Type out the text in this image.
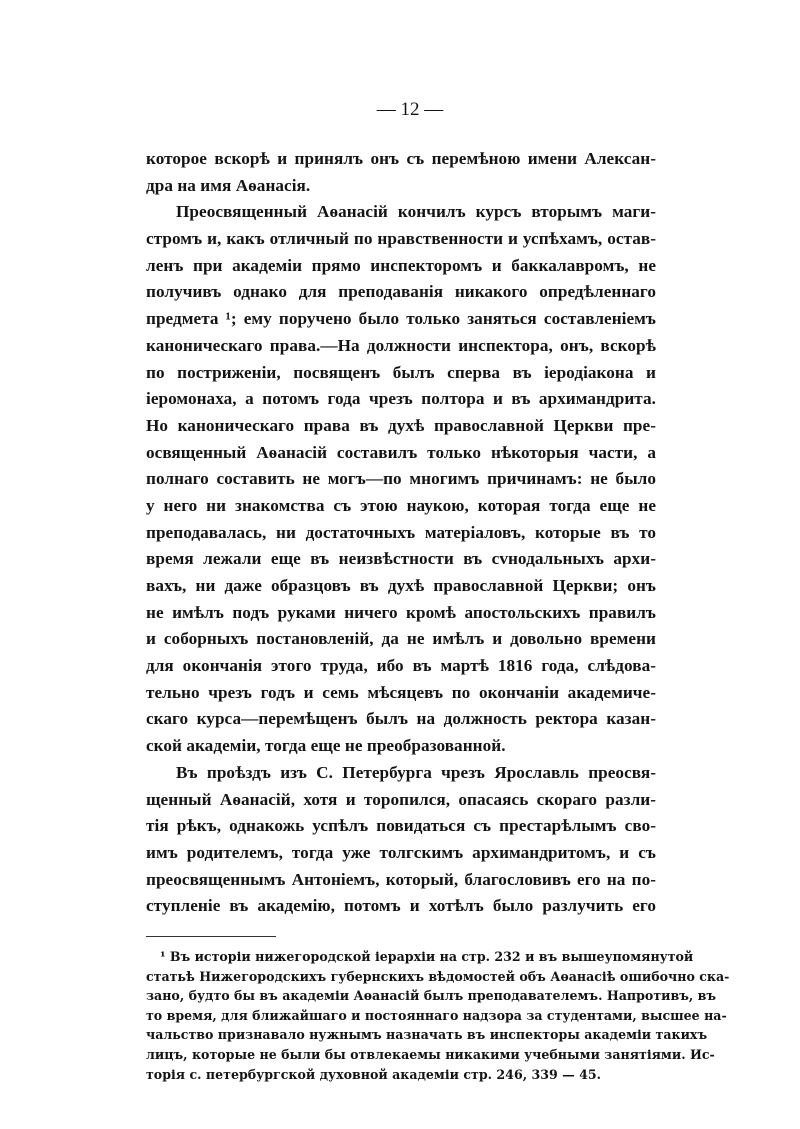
— 12 —
которое вскорѣ и принялъ онъ съ перемѣною имени Алексан-
дра на имя Аѳанасія.
Преосвященный Аѳанасій кончилъ курсъ вторымъ маги-
стромъ и, какъ отличный по нравственности и успѣхамъ, остав-
ленъ при академіи прямо инспекторомъ и баккалавромъ, не
получивъ однако для преподаванія никакого опредѣленнаго
предмета ¹; ему поручено было только заняться составленіемъ
каноническаго права.—На должности инспектора, онъ, вскорѣ
по постриженіи, посвященъ былъ сперва въ іеродіакона и
іеромонаха, а потомъ года чрезъ полтора и въ архимандрита.
Но каноническаго права въ духѣ православной Церкви пре-
освященный Аѳанасій составилъ только нѣкоторыя части, а
полнаго составить не могъ—по многимъ причинамъ: не было
у него ни знакомства съ этою наукою, которая тогда еще не
преподавалась, ни достаточныхъ матеріаловъ, которые въ то
время лежали еще въ неизвѣстности въ сvнодальныхъ архи-
вахъ, ни даже образцовъ въ духѣ православной Церкви; онъ
не имѣлъ подъ руками ничего кромѣ апостольскихъ правилъ
и соборныхъ постановленій, да не имѣлъ и довольно времени
для окончанія этого труда, ибо въ мартѣ 1816 года, слѣдова-
тельно чрезъ годъ и семь мѣсяцевъ по окончаніи академиче-
скаго курса—перемѣщенъ былъ на должность ректора казан-
ской академіи, тогда еще не преобразованной.
Въ проѣздъ изъ С. Петербурга чрезъ Ярославль преосвя-
щенный Аѳанасій, хотя и торопился, опасаясь скораго разли-
тія рѣкъ, однакожь успѣлъ повидаться съ престарѣлымъ сво-
имъ родителемъ, тогда уже толгскимъ архимандритомъ, и съ
преосвященнымъ Антоніемъ, который, благословивъ его на по-
ступленіе въ академію, потомъ и хотѣлъ было разлучить его
¹ Въ исторіи нижегородской іерархіи на стр. 232 и въ вышеупомянутой
статьѣ Нижегородскихъ губернскихъ вѣдомостей объ Аѳанасіѣ ошибочно ска-
зано, будто бы въ академіи Аѳанасій былъ преподавателемъ. Напротивъ, въ
то время, для ближайшаго и постояннаго надзора за студентами, высшее на-
чальство признавало нужнымъ назначать въ инспекторы академіи такихъ
лицъ, которые не были бы отвлекаемы никакими учебными занятіями. Ис-
торія с. петербургской духовной академіи стр. 246, 339 — 45.
